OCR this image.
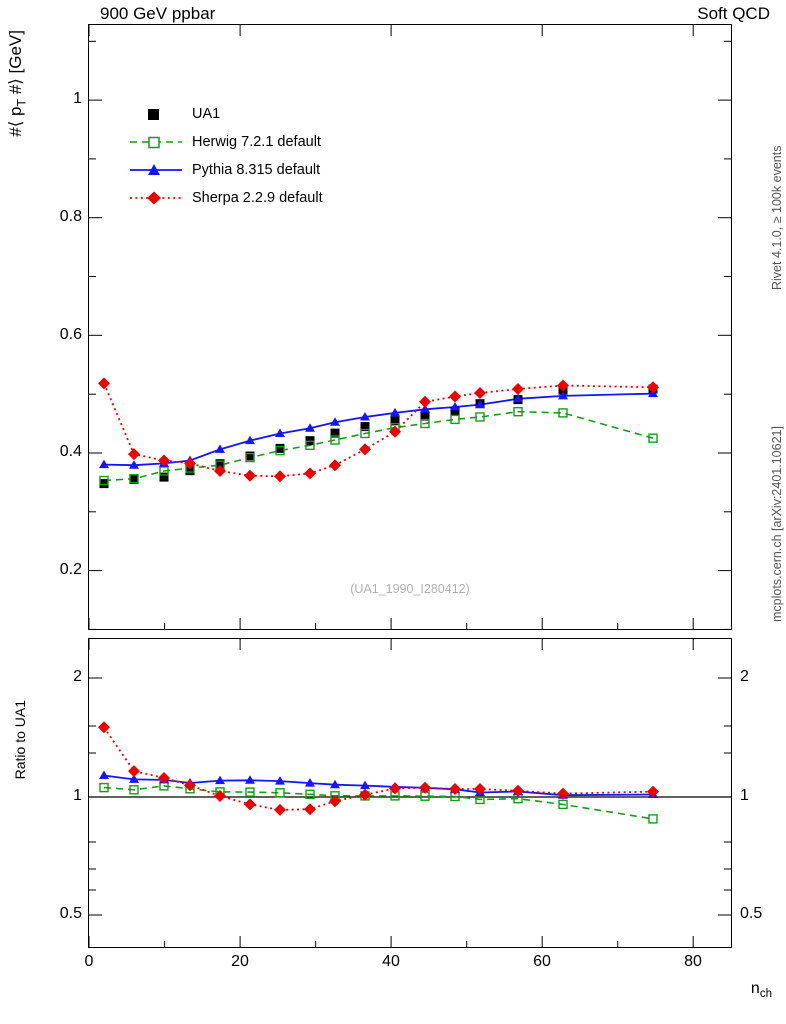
900 GeV ppbar	Soft QCD
Rivet 4.1.0, ≥ 100k events
mcplots.cern.ch [arXiv:2401.10621]
#⟨ $p_T$ #⟩ [GeV]
Ratio to UA1
$n_{ch}$
0.2
0.4
0.6
0.8
1
2
1
0.5
2
1
0.5
0	20	40	60	80
(UA1_1990_I280412)
UA1
Herwig 7.2.1 default
Pythia 8.315 default
Sherpa 2.2.9 default
